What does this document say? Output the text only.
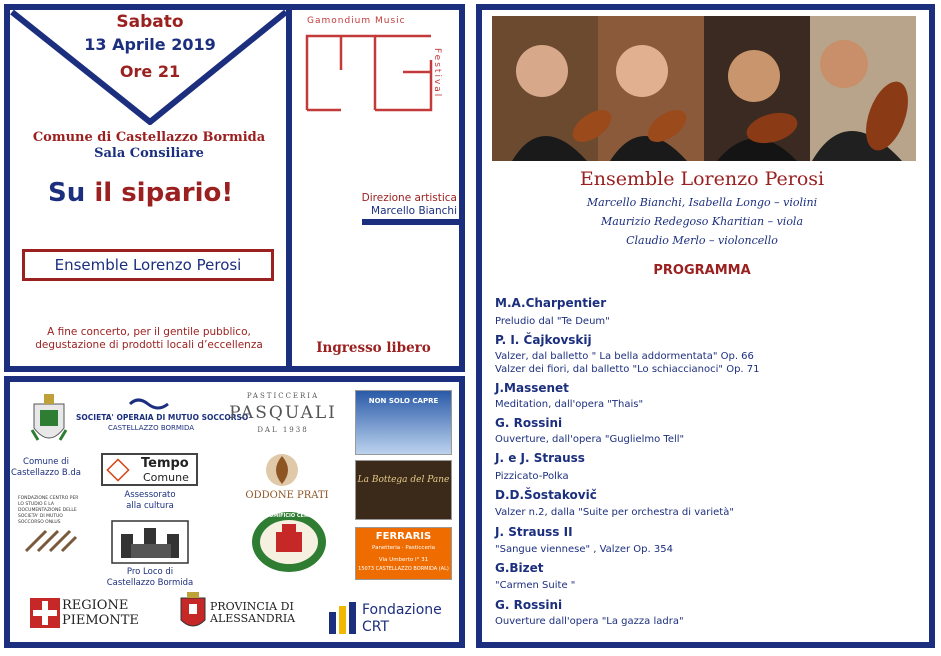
Sabato
13 Aprile 2019
Ore 21
Comune di Castellazzo Bormida
Sala Consiliare
Su il sipario!
Ensemble Lorenzo Perosi
A fine concerto, per il gentile pubblico,
degustazione di prodotti locali d’eccellenza
Gamondium Music
Festival
Direzione artistica
Marcello Bianchi
Ingresso libero
Comune di
Castellazzo B.da
SOCIETA' OPERAIA DI MUTUO SOCCORSO
CASTELLAZZO BORMIDA
Tempo
Comune
Assessorato
alla cultura
FONDAZIONE CENTRO PER LO STUDIO E LA DOCUMENTAZIONE DELLE SOCIETA' DI MUTUO SOCCORSO ONLUS
Pro Loco di
Castellazzo Bormida
PASTICCERIA
PASQUALI
DAL 1938
ODDONE PRATI
SALUMIFICIO CEREDA
NON SOLO CAPRE
La Bottega del Pane
FERRARIS
Panetteria · Pasticceria
Via Umberto I° 31
15073 CASTELLAZZO BORMIDA (AL)
REGIONE
PIEMONTE
PROVINCIA DI
ALESSANDRIA
Fondazione
CRT
Ensemble Lorenzo Perosi
Marcello Bianchi, Isabella Longo – violini
Maurizio Redegoso Kharitian – viola
Claudio Merlo – violoncello
PROGRAMMA
M.A.Charpentier
Preludio dal "Te Deum"
P. I. Čajkovskij
Valzer, dal balletto " La bella addormentata" Op. 66
Valzer dei fiori, dal balletto "Lo schiaccianoci" Op. 71
J.Massenet
Meditation, dall'opera "Thais"
G. Rossini
Ouverture, dall'opera "Guglielmo Tell"
J. e J. Strauss
Pizzicato-Polka
D.D.Šostakovič
Valzer n.2, dalla "Suite per orchestra di varietà"
J. Strauss II
"Sangue viennese" , Valzer Op. 354
G.Bizet
"Carmen Suite "
G. Rossini
Ouverture dall'opera "La gazza ladra"
